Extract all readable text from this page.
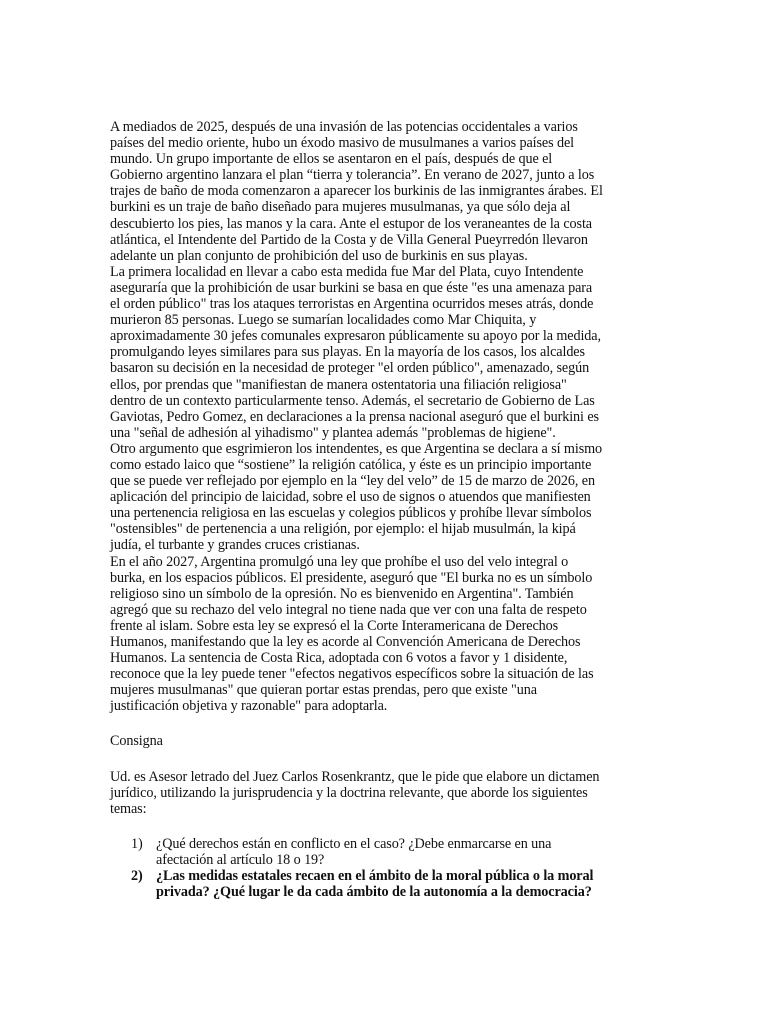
A mediados de 2025, después de una invasión de las potencias occidentales a varios
países del medio oriente, hubo un éxodo masivo de musulmanes a varios países del
mundo. Un grupo importante de ellos se asentaron en el país, después de que el
Gobierno argentino lanzara el plan “tierra y tolerancia”. En verano de 2027, junto a los
trajes de baño de moda comenzaron a aparecer los burkinis de las inmigrantes árabes. El
burkini es un traje de baño diseñado para mujeres musulmanas, ya que sólo deja al
descubierto los pies, las manos y la cara. Ante el estupor de los veraneantes de la costa
atlántica, el Intendente del Partido de la Costa y de Villa General Pueyrredón llevaron
adelante un plan conjunto de prohibición del uso de burkinis en sus playas.

La primera localidad en llevar a cabo esta medida fue Mar del Plata, cuyo Intendente
aseguraría que la prohibición de usar burkini se basa en que éste "es una amenaza para
el orden público" tras los ataques terroristas en Argentina ocurridos meses atrás, donde
murieron 85 personas. Luego se sumarían localidades como Mar Chiquita, y
aproximadamente 30 jefes comunales expresaron públicamente su apoyo por la medida,
promulgando leyes similares para sus playas. En la mayoría de los casos, los alcaldes
basaron su decisión en la necesidad de proteger "el orden público", amenazado, según
ellos, por prendas que "manifiestan de manera ostentatoria una filiación religiosa"
dentro de un contexto particularmente tenso. Además, el secretario de Gobierno de Las
Gaviotas, Pedro Gomez, en declaraciones a la prensa nacional aseguró que el burkini es
una "señal de adhesión al yihadismo" y plantea además "problemas de higiene".

Otro argumento que esgrimieron los intendentes, es que Argentina se declara a sí mismo
como estado laico que “sostiene” la religión católica, y éste es un principio importante
que se puede ver reflejado por ejemplo en la “ley del velo” de 15 de marzo de 2026, en
aplicación del principio de laicidad, sobre el uso de signos o atuendos que manifiesten
una pertenencia religiosa en las escuelas y colegios públicos y prohíbe llevar símbolos
"ostensibles" de pertenencia a una religión, por ejemplo: el hijab musulmán, la kipá
judía, el turbante y grandes cruces cristianas.

En el año 2027, Argentina promulgó una ley que prohíbe el uso del velo integral o
burka, en los espacios públicos. El presidente, aseguró que "El burka no es un símbolo
religioso sino un símbolo de la opresión. No es bienvenido en Argentina". También
agregó que su rechazo del velo integral no tiene nada que ver con una falta de respeto
frente al islam. Sobre esta ley se expresó el la Corte Interamericana de Derechos
Humanos, manifestando que la ley es acorde al Convención Americana de Derechos
Humanos. La sentencia de Costa Rica, adoptada con 6 votos a favor y 1 disidente,
reconoce que la ley puede tener "efectos negativos específicos sobre la situación de las
mujeres musulmanas" que quieran portar estas prendas, pero que existe "una
justificación objetiva y razonable" para adoptarla.

Consigna

Ud. es Asesor letrado del Juez Carlos Rosenkrantz, que le pide que elabore un dictamen
jurídico, utilizando la jurisprudencia y la doctrina relevante, que aborde los siguientes
temas:

1) ¿Qué derechos están en conflicto en el caso? ¿Debe enmarcarse en una
afectación al artículo 18 o 19?
2) ¿Las medidas estatales recaen en el ámbito de la moral pública o la moral
privada? ¿Qué lugar le da cada ámbito de la autonomía a la democracia?
